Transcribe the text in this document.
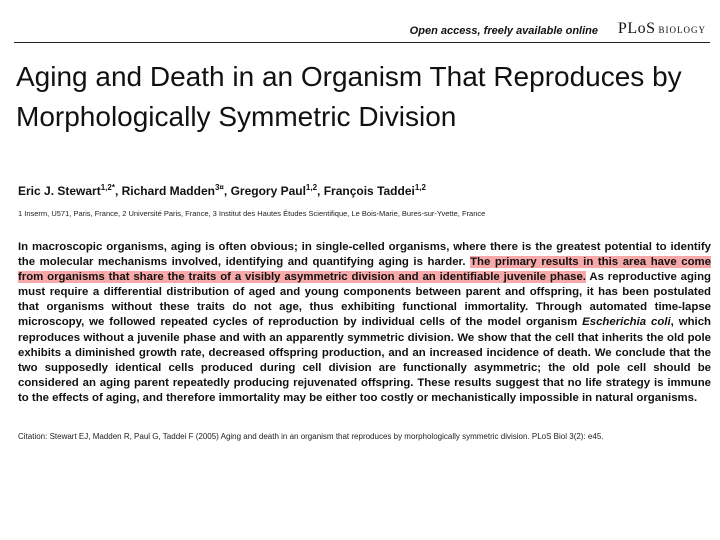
Open access, freely available online PLoS BIOLOGY
Aging and Death in an Organism That Reproduces by Morphologically Symmetric Division
Eric J. Stewart$^{1,2*}$, Richard Madden$^{3¤}$, Gregory Paul$^{1,2}$, François Taddei$^{1,2}$
1 Inserm, U571, Paris, France, 2 Université Paris, France, 3 Institut des Hautes Études Scientifique, Le Bois-Marie, Bures-sur-Yvette, France

In macroscopic organisms, aging is often obvious; in single-celled organisms, where there is the greatest potential to identify the molecular mechanisms involved, identifying and quantifying aging is harder. The primary results in this area have come from organisms that share the traits of a visibly asymmetric division and an identifiable juvenile phase. As reproductive aging must require a differential distribution of aged and young components between parent and offspring, it has been postulated that organisms without these traits do not age, thus exhibiting functional immortality. Through automated time-lapse microscopy, we followed repeated cycles of reproduction by individual cells of the model organism Escherichia coli, which reproduces without a juvenile phase and with an apparently symmetric division. We show that the cell that inherits the old pole exhibits a diminished growth rate, decreased offspring production, and an increased incidence of death. We conclude that the two supposedly identical cells produced during cell division are functionally asymmetric; the old pole cell should be considered an aging parent repeatedly producing rejuvenated offspring. These results suggest that no life strategy is immune to the effects of aging, and therefore immortality may be either too costly or mechanistically impossible in natural organisms.

Citation: Stewart EJ, Madden R, Paul G, Taddei F (2005) Aging and death in an organism that reproduces by morphologically symmetric division. PLoS Biol 3(2): e45.
